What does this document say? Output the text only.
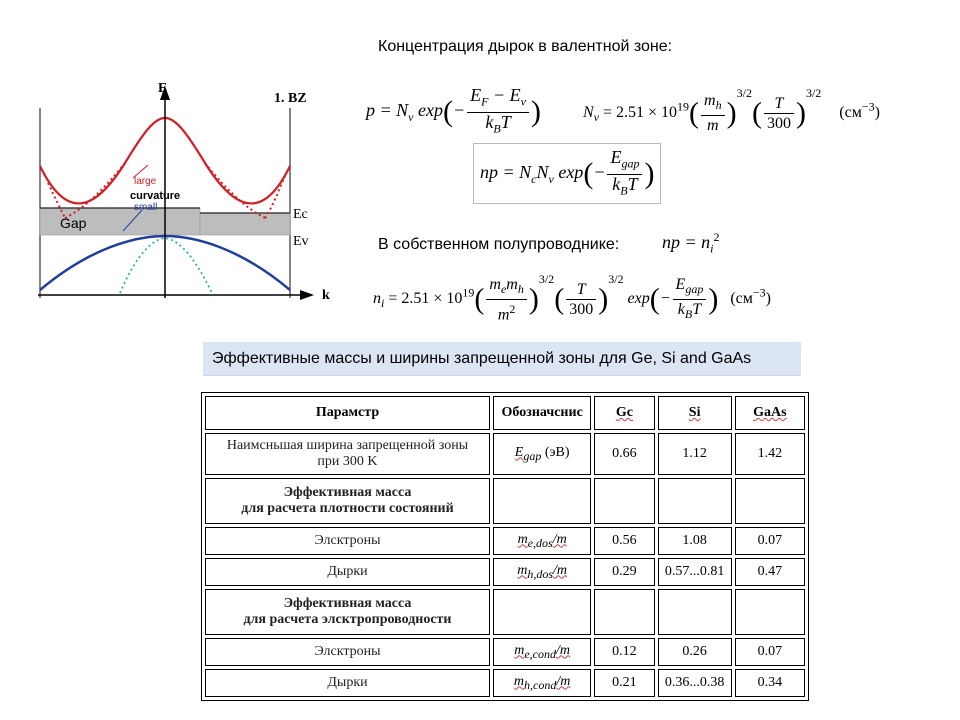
Концентрация дырок в валентной зоне:
E
k
1. BZ
Gap
Ec
Ev
large
curvature
small
$p = N_v$ $\exp(- \frac{E_F - E_v}{k_BT}$ )	$N_v = 2.51 \times 10^{19}( \frac{m_h}{m} )^{3/2}( \frac{T}{300} )^{3/2}$ $(см^{-3})$
np = $N_cN_v$ $\exp(- \frac{E_{gap}}{k_BT}$ )
В собственном полупроводнике: np = $n_i^2$
$n_i = 2.51 \times 10^{19}( \frac{m_em_h}{m^2} )^{3/2}( \frac{T}{300} )^{3/2}$ $\exp(- \frac{E_{gap}}{k_BT}$ ) $(см^{-3})$
Эффективные массы и ширины запрещенной зоны для Ge, Si and GaAs
Парамстр	Обозначснис	Gc	Si	GaAs
Наимсньшая ширина запрещенной зоны
при 300 K	Egap (эВ)	0.66	1.12	1.42
Эффективная масса
для расчета плотности состояний				
Элсктроны	me,dos/m	0.56	1.08	0.07
Дырки	mh,dos/m	0.29	0.57...0.81	0.47
Эффективная масса
для расчета элсктропроводности				
Элсктроны	me,cond/m	0.12	0.26	0.07
Дырки	mh,cond/m	0.21	0.36...0.38	0.34
